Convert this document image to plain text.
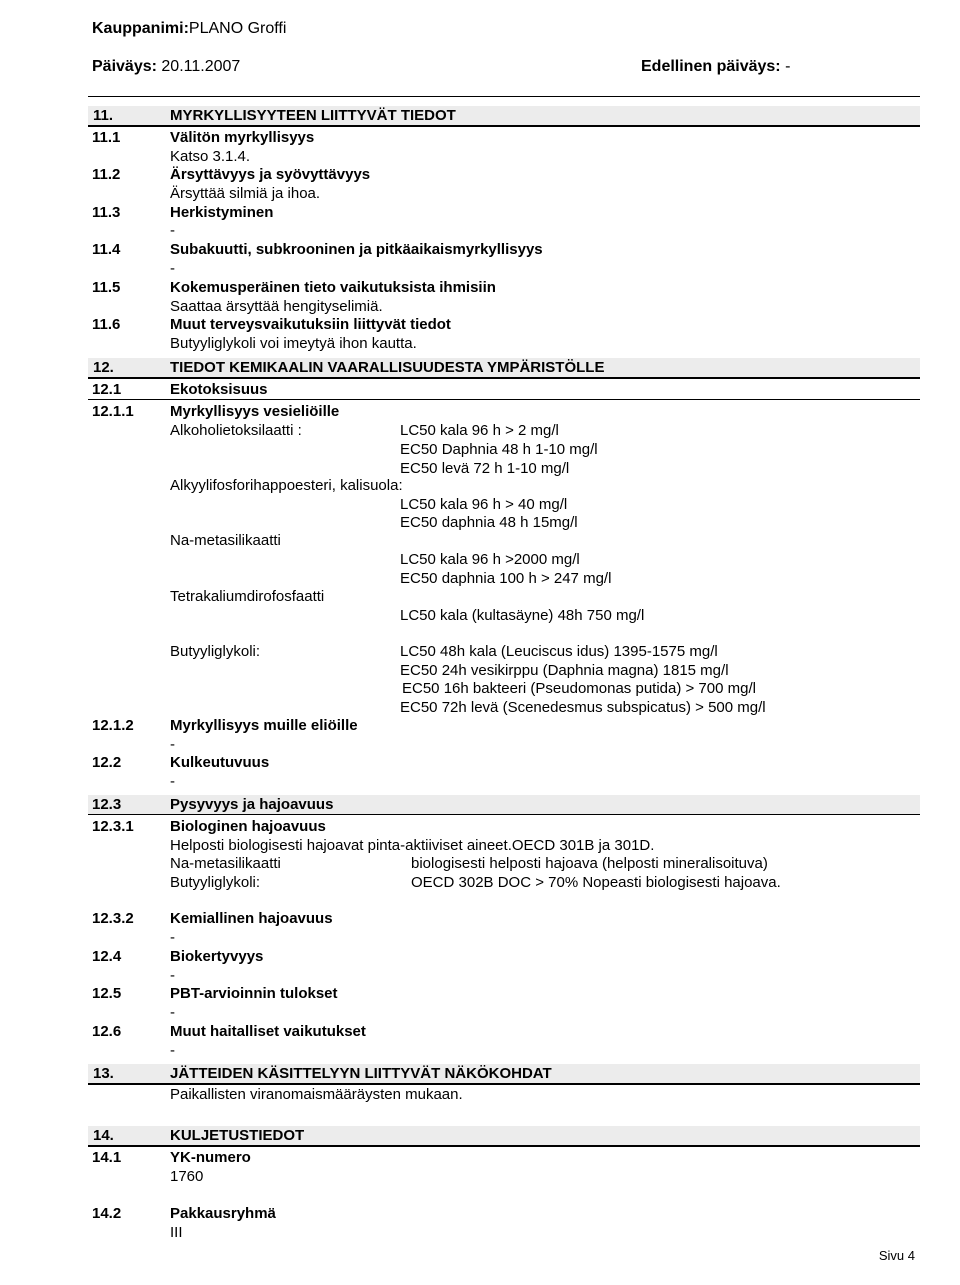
Kauppanimi:PLANO Groffi
Päiväys: 20.11.2007	Edellinen päiväys: -
11.	MYRKYLLISYYTEEN LIITTYVÄT TIEDOT
11.1	Välitön myrkyllisyys
Katso 3.1.4.
11.2	Ärsyttävyys ja syövyttävyys
Ärsyttää silmiä ja ihoa.
11.3	Herkistyminen
-
11.4	Subakuutti, subkrooninen ja pitkäaikaismyrkyllisyys
-
11.5	Kokemusperäinen tieto vaikutuksista ihmisiin
Saattaa ärsyttää hengityselimiä.
11.6	Muut terveysvaikutuksiin liittyvät tiedot
Butyyliglykoli voi imeytyä ihon kautta.
12.	TIEDOT KEMIKAALIN VAARALLISUUDESTA YMPÄRISTÖLLE
12.1	Ekotoksisuus
12.1.1 Myrkyllisyys vesieliöille
Alkoholietoksilaatti :	LC50 kala 96 h > 2 mg/l
EC50 Daphnia 48 h 1-10 mg/l
EC50 levä 72 h 1-10 mg/l
Alkyylifosforihappoesteri, kalisuola:
LC50 kala 96 h > 40 mg/l
EC50 daphnia 48 h 15mg/l
Na-metasilikaatti
LC50 kala 96 h >2000 mg/l
EC50 daphnia 100 h > 247 mg/l
Tetrakaliumdirofosfaatti
LC50 kala (kultasäyne) 48h 750 mg/l
Butyyliglykoli:	LC50 48h kala (Leuciscus idus) 1395-1575 mg/l
EC50 24h vesikirppu (Daphnia magna) 1815 mg/l
EC50 16h bakteeri (Pseudomonas putida) > 700 mg/l
EC50 72h levä (Scenedesmus subspicatus) > 500 mg/l
12.1.2 Myrkyllisyys muille eliöille
-
12.2	Kulkeutuvuus
-
12.3	Pysyvyys ja hajoavuus
12.3.1 Biologinen hajoavuus
Helposti biologisesti hajoavat pinta-aktiiviset aineet.OECD 301B ja 301D.
Na-metasilikaatti	biologisesti helposti hajoava (helposti mineralisoituva)
Butyyliglykoli:	OECD 302B DOC > 70% Nopeasti biologisesti hajoava.
12.3.2 Kemiallinen hajoavuus
-
12.4	Biokertyvyys
-
12.5	PBT-arvioinnin tulokset
-
12.6	Muut haitalliset vaikutukset
-
13.	JÄTTEIDEN KÄSITTELYYN LIITTYVÄT NÄKÖKOHDAT
Paikallisten viranomaismääräysten mukaan.
14.	KULJETUSTIEDOT
14.1	YK-numero
1760
14.2	Pakkausryhmä
III
Sivu 4
